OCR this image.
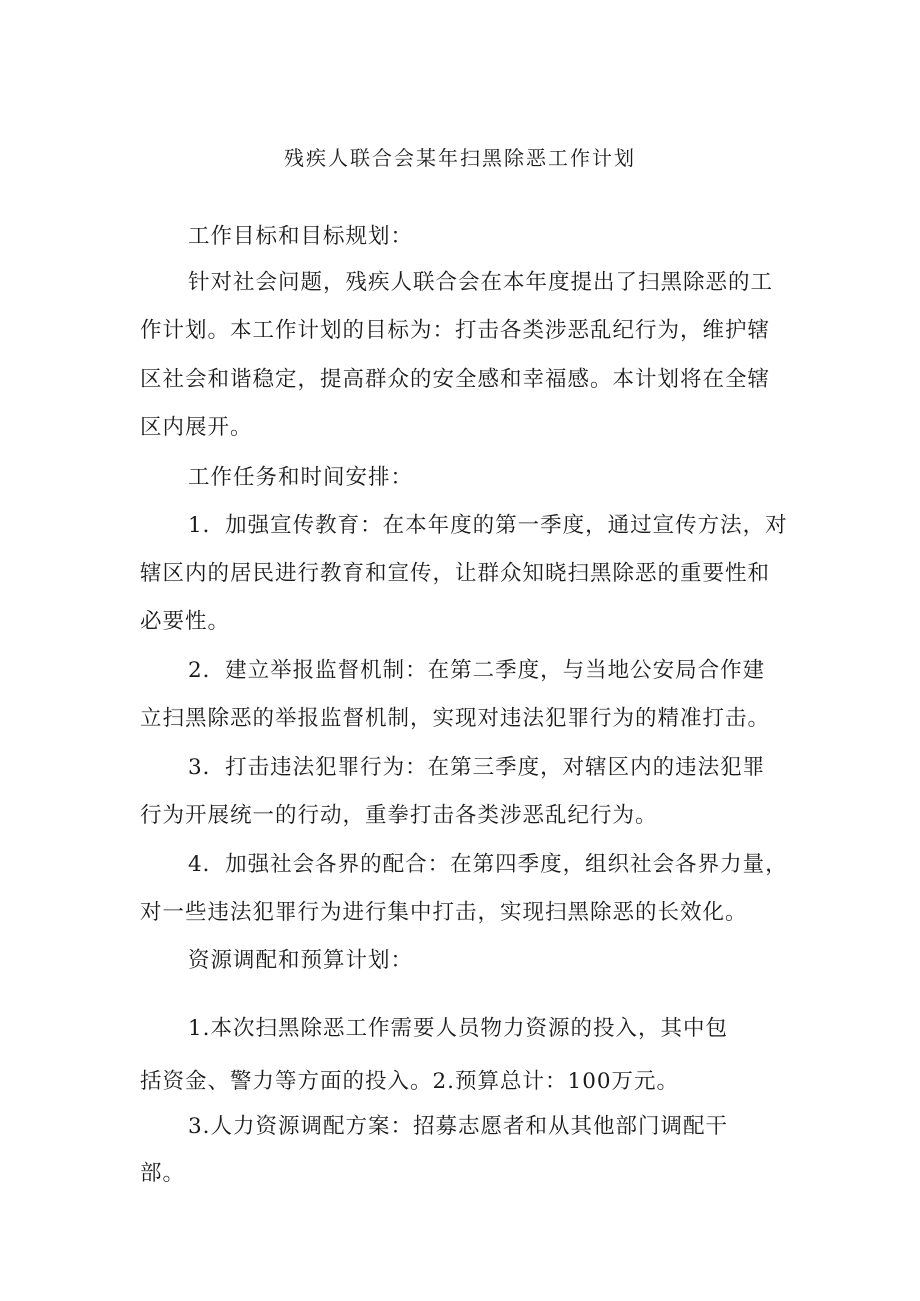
残疾人联合会某年扫黑除恶工作计划
工作目标和目标规划：
针对社会问题，残疾人联合会在本年度提出了扫黑除恶的工
作计划。本工作计划的目标为：打击各类涉恶乱纪行为，维护辖
区社会和谐稳定，提高群众的安全感和幸福感。本计划将在全辖
区内展开。
工作任务和时间安排：
1．加强宣传教育：在本年度的第一季度，通过宣传方法，对
辖区内的居民进行教育和宣传，让群众知晓扫黑除恶的重要性和
必要性。
2．建立举报监督机制：在第二季度，与当地公安局合作建
立扫黑除恶的举报监督机制，实现对违法犯罪行为的精准打击。
3．打击违法犯罪行为：在第三季度，对辖区内的违法犯罪
行为开展统一的行动，重拳打击各类涉恶乱纪行为。
4．加强社会各界的配合：在第四季度，组织社会各界力量，
对一些违法犯罪行为进行集中打击，实现扫黑除恶的长效化。
资源调配和预算计划：
1.本次扫黑除恶工作需要人员物力资源的投入，其中包
括资金、警力等方面的投入。2.预算总计：100万元。
3.人力资源调配方案：招募志愿者和从其他部门调配干
部。
